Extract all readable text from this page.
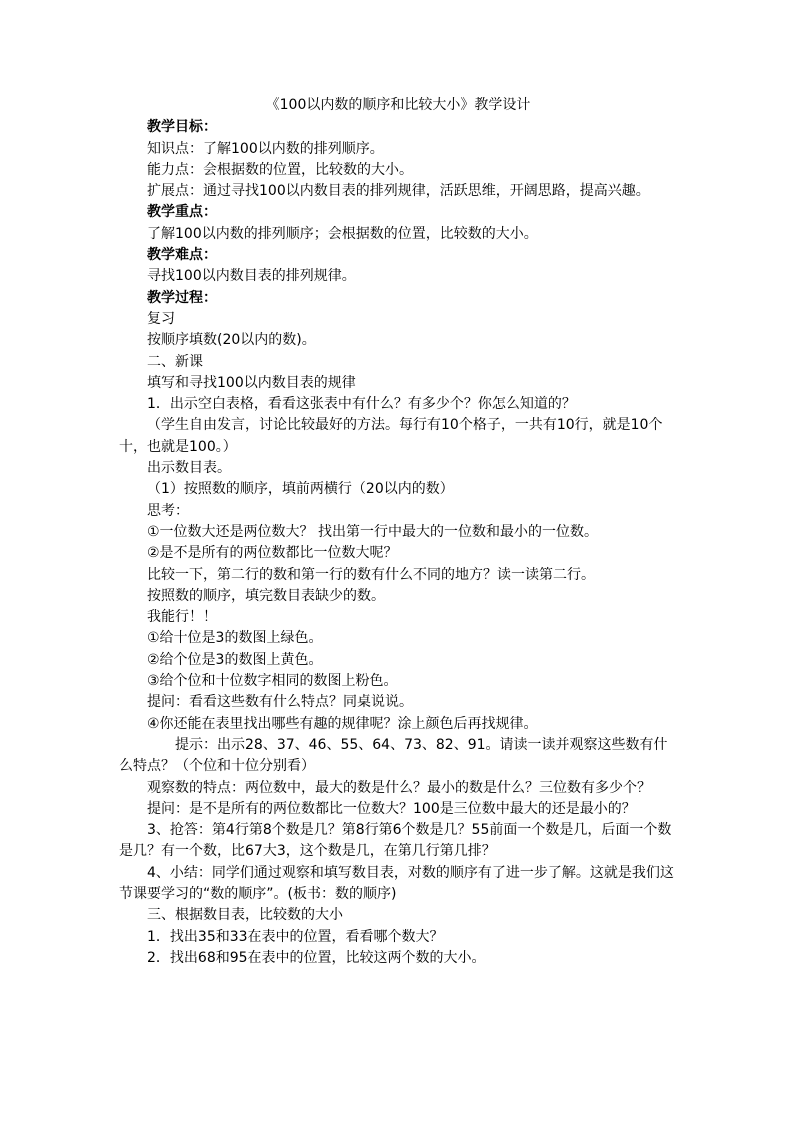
《100以内数的顺序和比较大小》教学设计

教学目标：

知识点：了解100以内数的排列顺序。

能力点：会根据数的位置，比较数的大小。

扩展点：通过寻找100以内数目表的排列规律，活跃思维，开阔思路，提高兴趣。

教学重点：

了解100以内数的排列顺序；会根据数的位置，比较数的大小。

教学难点：

寻找100以内数目表的排列规律。

教学过程：

复习

按顺序填数(20以内的数)。

二、新课

填写和寻找100以内数目表的规律

1．出示空白表格，看看这张表中有什么？有多少个？你怎么知道的？

（学生自由发言，讨论比较最好的方法。每行有10个格子，一共有10行，就是10个十，也就是100。）

出示数目表。

（1）按照数的顺序，填前两横行（20以内的数）

思考：

①一位数大还是两位数大？ 找出第一行中最大的一位数和最小的一位数。

②是不是所有的两位数都比一位数大呢？

比较一下，第二行的数和第一行的数有什么不同的地方？读一读第二行。

按照数的顺序，填完数目表缺少的数。

我能行！！

①给十位是3的数图上绿色。

②给个位是3的数图上黄色。

③给个位和十位数字相同的数图上粉色。

提问：看看这些数有什么特点？同桌说说。

④你还能在表里找出哪些有趣的规律呢？涂上颜色后再找规律。

提示：出示28、37、46、55、64、73、82、91。请读一读并观察这些数有什么特点？（个位和十位分别看）

观察数的特点：两位数中，最大的数是什么？最小的数是什么？三位数有多少个？

提问：是不是所有的两位数都比一位数大？100是三位数中最大的还是最小的？

3、抢答：第4行第8个数是几？第8行第6个数是几？55前面一个数是几，后面一个数是几？有一个数，比67大3，这个数是几，在第几行第几排？

4、小结：同学们通过观察和填写数目表，对数的顺序有了进一步了解。这就是我们这节课要学习的“数的顺序”。(板书：数的顺序)

三、根据数目表，比较数的大小

1．找出35和33在表中的位置，看看哪个数大？

2．找出68和95在表中的位置，比较这两个数的大小。
